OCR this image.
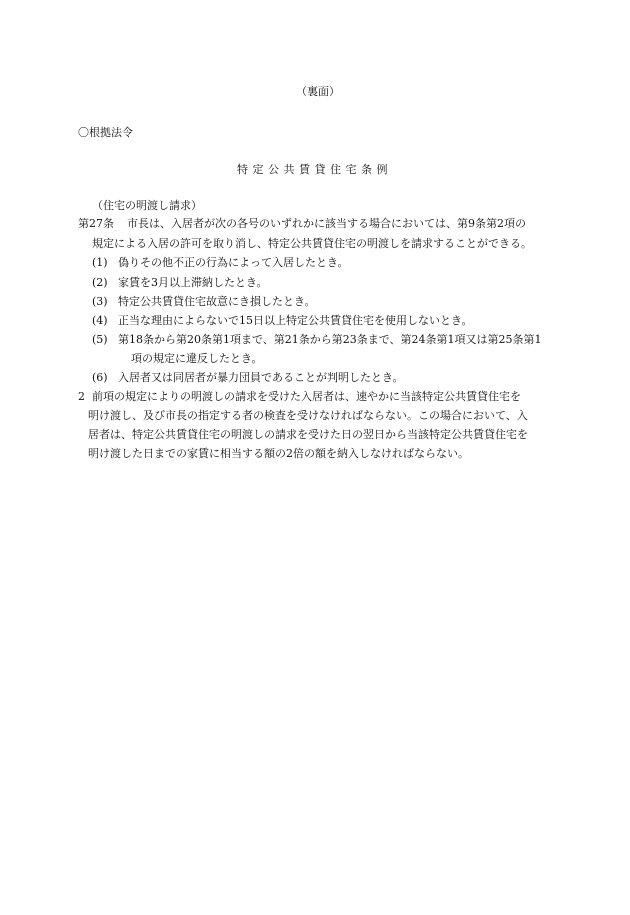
（裏面）
〇根拠法令
特定公共賃貸住宅条例
（住宅の明渡し請求）
第27条 市長は、入居者が次の各号のいずれかに該当する場合においては、第9条第2項の
規定による入居の許可を取り消し、特定公共賃貸住宅の明渡しを請求することができる。
(1) 偽りその他不正の行為によって入居したとき。
(2) 家賃を3月以上滞納したとき。
(3) 特定公共賃貸住宅故意にき損したとき。
(4) 正当な理由によらないで15日以上特定公共賃貸住宅を使用しないとき。
(5) 第18条から第20条第1項まで、第21条から第23条まで、第24条第1項又は第25条第1
項の規定に違反したとき。
(6) 入居者又は同居者が暴力団員であることが判明したとき。
2 前項の規定によりの明渡しの請求を受けた入居者は、速やかに当該特定公共賃貸住宅を
明け渡し、及び市長の指定する者の検査を受けなければならない。この場合において、入
居者は、特定公共賃貸住宅の明渡しの請求を受けた日の翌日から当該特定公共賃貸住宅を
明け渡した日までの家賃に相当する額の2倍の額を納入しなければならない。
